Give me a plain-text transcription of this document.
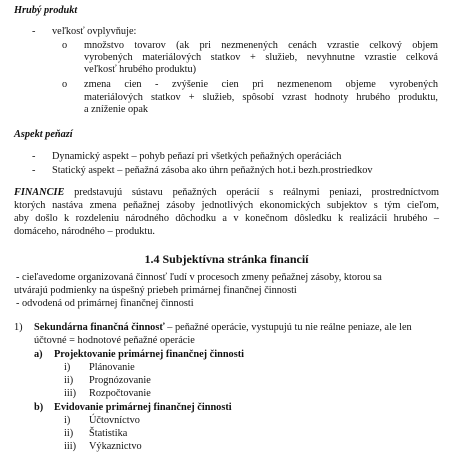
Hrubý produkt
- veľkosť ovplyvňuje:
o množstvo tovarov (ak pri nezmenených cenách vzrastie celkový objem
vyrobených materiálových statkov + služieb, nevyhnutne vzrastie celková
veľkosť hrubého produktu)
o zmena cien - zvýšenie cien pri nezmenenom objeme vyrobených
materiálových statkov + služieb, spôsobí vzrast hodnoty hrubého produktu,
a zníženie opak
Aspekt peňazí
- Dynamický aspekt – pohyb peňazí pri všetkých peňažných operáciách
- Statický aspekt – peňažná zásoba ako úhrn peňažných hot.i bezh.prostriedkov
FINANCIE predstavujú sústavu peňažných operácií s reálnymi peniazi, prostredníctvom
ktorých nastáva zmena peňažnej zásoby jednotlivých ekonomických subjektov s tým cieľom,
aby došlo k rozdeleniu národného dôchodku a v konečnom dôsledku k realizácii hrubého –
domáceho, národného – produktu.
1.4 Subjektívna stránka financií
- cieľavedome organizovaná činnosť ľudí v procesoch zmeny peňažnej zásoby, ktorou sa
utvárajú podmienky na úspešný priebeh primárnej finančnej činnosti
- odvodená od primárnej finančnej činnosti
1) Sekundárna finančná činnosť – peňažné operácie, vystupujú tu nie reálne peniaze, ale len
účtovné = hodnotové peňažné operácie
a) Projektovanie primárnej finančnej činnosti
i) Plánovanie
ii) Prognózovanie
iii) Rozpočtovanie
b) Evidovanie primárnej finančnej činnosti
i) Účtovníctvo
ii) Štatistika
iii) Výkaznictvo
